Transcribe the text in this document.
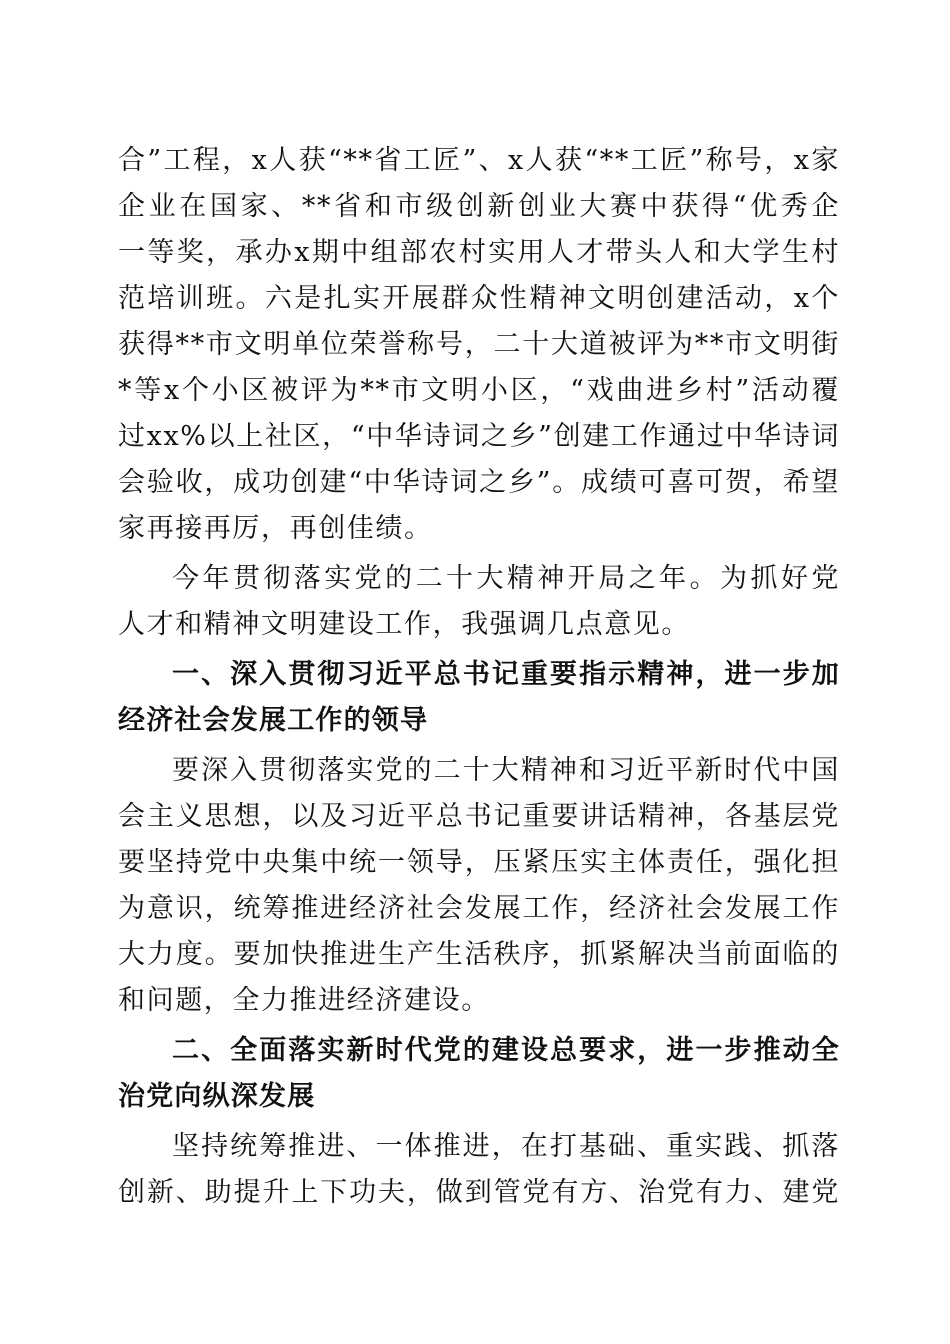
合”工程，x人获“**省工匠”、x人获“**工匠”称号，x家
企业在国家、**省和市级创新创业大赛中获得“优秀企
一等奖，承办x期中组部农村实用人才带头人和大学生村
范培训班。六是扎实开展群众性精神文明创建活动，x个
获得**市文明单位荣誉称号，二十大道被评为**市文明街
*等x个小区被评为**市文明小区，“戏曲进乡村”活动覆
过xx%以上社区，“中华诗词之乡”创建工作通过中华诗词
会验收，成功创建“中华诗词之乡”。成绩可喜可贺，希望
家再接再厉，再创佳绩。
今年贯彻落实党的二十大精神开局之年。为抓好党
人才和精神文明建设工作，我强调几点意见。
一、深入贯彻习近平总书记重要指示精神，进一步加
经济社会发展工作的领导
要深入贯彻落实党的二十大精神和习近平新时代中国
会主义思想，以及习近平总书记重要讲话精神，各基层党
要坚持党中央集中统一领导，压紧压实主体责任，强化担
为意识，统筹推进经济社会发展工作，经济社会发展工作
大力度。要加快推进生产生活秩序，抓紧解决当前面临的
和问题，全力推进经济建设。
二、全面落实新时代党的建设总要求，进一步推动全
治党向纵深发展
坚持统筹推进、一体推进，在打基础、重实践、抓落
创新、助提升上下功夫，做到管党有方、治党有力、建党
